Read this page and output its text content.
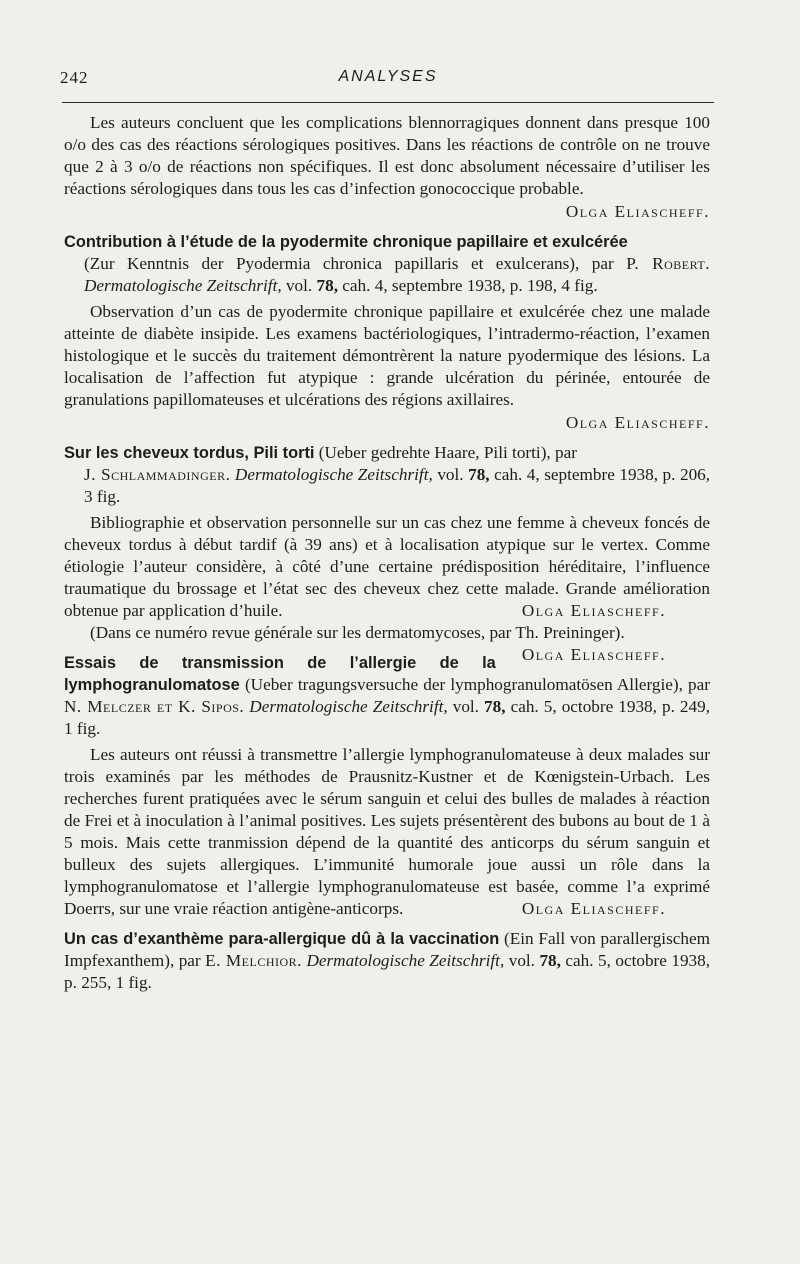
242	ANALYSES

Les auteurs concluent que les complications blennorragiques donnent dans presque 100 o/o des cas des réactions sérologiques positives. Dans les réactions de contrôle on ne trouve que 2 à 3 o/o de réactions non spécifiques. Il est donc absolument nécessaire d’utiliser les réactions sérologiques dans tous les cas d’infection gonococcique probable.

Olga Eliascheff.

Contribution à l’étude de la pyodermite chronique papillaire et exulcérée

(Zur Kenntnis der Pyodermia chronica papillaris et exulcerans), par P. Robert. Dermatologische Zeitschrift, vol. 78, cah. 4, septembre 1938, p. 198, 4 fig.

Observation d’un cas de pyodermite chronique papillaire et exulcérée chez une malade atteinte de diabète insipide. Les examens bactériologiques, l’intradermo-réaction, l’examen histologique et le succès du traitement démontrèrent la nature pyodermique des lésions. La localisation de l’affection fut atypique : grande ulcération du périnée, entourée de granulations papillomateuses et ulcérations des régions axillaires.

Olga Eliascheff.

Sur les cheveux tordus, Pili torti (Ueber gedrehte Haare, Pili torti), par

J. Schlammadinger. Dermatologische Zeitschrift, vol. 78, cah. 4, septembre 1938, p. 206, 3 fig.

Bibliographie et observation personnelle sur un cas chez une femme à cheveux foncés de cheveux tordus à début tardif (à 39 ans) et à localisation atypique sur le vertex. Comme étiologie l’auteur considère, à côté d’une certaine prédisposition héréditaire, l’influence traumatique du brossage et l’état sec des cheveux chez cette malade. Grande amélioration obtenue par application d’huile.	Olga Eliascheff.

(Dans ce numéro revue générale sur les dermatomycoses, par Th. Preininger).
Olga Eliascheff.

Essais de transmission de l’allergie de la lymphogranulomatose (Ueber tragungsversuche der lymphogranulomatösen Allergie), par N. Melczer et K. Sipos. Dermatologische Zeitschrift, vol. 78, cah. 5, octobre 1938, p. 249, 1 fig.

Les auteurs ont réussi à transmettre l’allergie lymphogranulomateuse à deux malades sur trois examinés par les méthodes de Prausnitz-Kustner et de Kœnigstein-Urbach. Les recherches furent pratiquées avec le sérum sanguin et celui des bulles de malades à réaction de Frei et à inoculation à l’animal positives. Les sujets présentèrent des bubons au bout de 1 à 5 mois. Mais cette tranmission dépend de la quantité des anticorps du sérum sanguin et bulleux des sujets allergiques. L’immunité humorale joue aussi un rôle dans la lymphogranulomatose et l’allergie lymphogranulomateuse est basée, comme l’a exprimé Doerrs, sur une vraie réaction antigène-anticorps.	Olga Eliascheff.

Un cas d’exanthème para-allergique dû à la vaccination (Ein Fall von parallergischem Impfexanthem), par E. Melchior. Dermatologische Zeitschrift, vol. 78, cah. 5, octobre 1938, p. 255, 1 fig.
